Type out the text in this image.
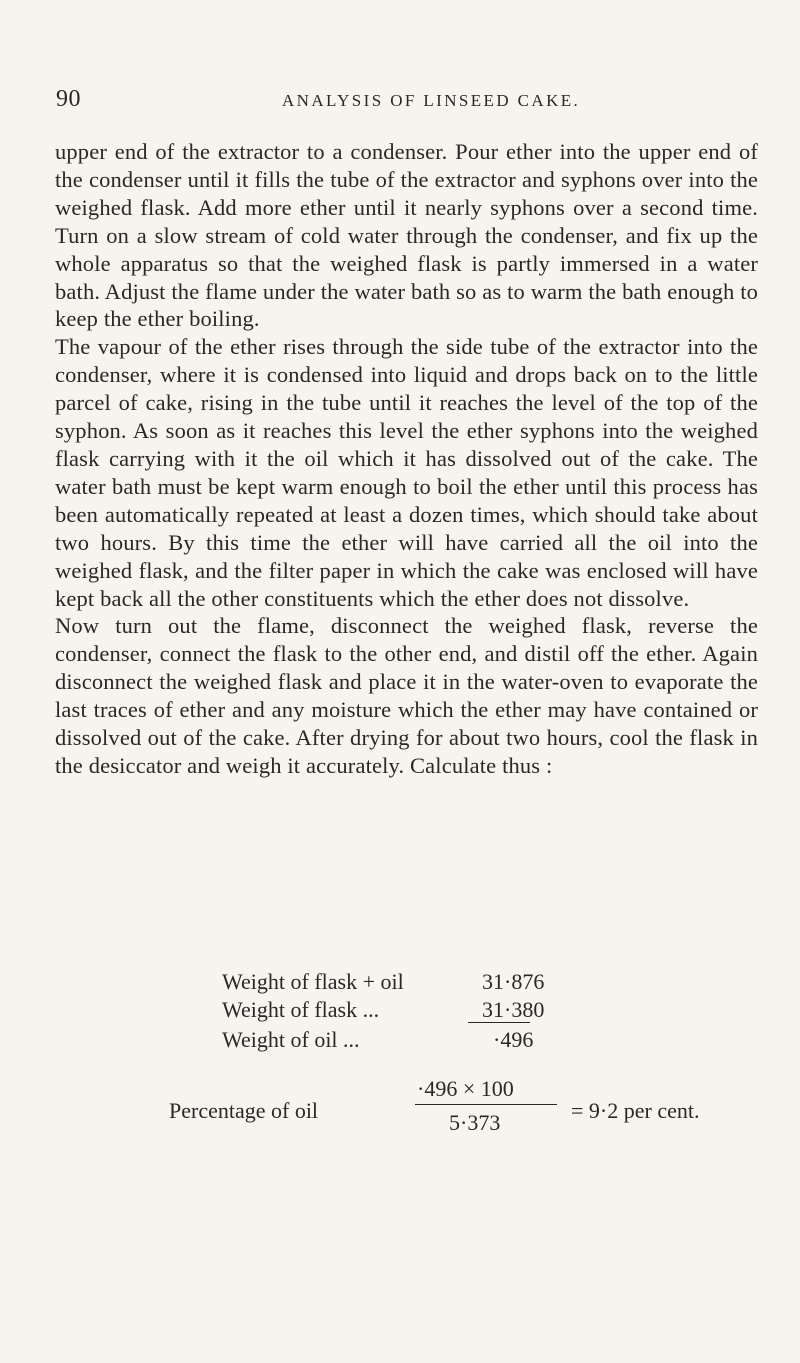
90	ANALYSIS OF LINSEED CAKE.

upper end of the extractor to a condenser. Pour ether into the upper end of the condenser until it fills the tube of the extractor and syphons over into the weighed flask. Add more ether until it nearly syphons over a second time. Turn on a slow stream of cold water through the condenser, and fix up the whole apparatus so that the weighed flask is partly immersed in a water bath. Adjust the flame under the water bath so as to warm the bath enough to keep the ether boiling.

The vapour of the ether rises through the side tube of the extractor into the condenser, where it is condensed into liquid and drops back on to the little parcel of cake, rising in the tube until it reaches the level of the top of the syphon. As soon as it reaches this level the ether syphons into the weighed flask carrying with it the oil which it has dissolved out of the cake. The water bath must be kept warm enough to boil the ether until this process has been automatically repeated at least a dozen times, which should take about two hours. By this time the ether will have carried all the oil into the weighed flask, and the filter paper in which the cake was enclosed will have kept back all the other constituents which the ether does not dissolve.

Now turn out the flame, disconnect the weighed flask, reverse the condenser, connect the flask to the other end, and distil off the ether. Again disconnect the weighed flask and place it in the water-oven to evaporate the last traces of ether and any moisture which the ether may have contained or dissolved out of the cake. After drying for about two hours, cool the flask in the desiccator and weigh it accurately. Calculate thus :

Weight of flask + oil	31·876
Weight of flask ...	31·380
Weight of oil ...	·496
Percentage of oil
·496 × 100
5·373	= 9·2 per cent.
